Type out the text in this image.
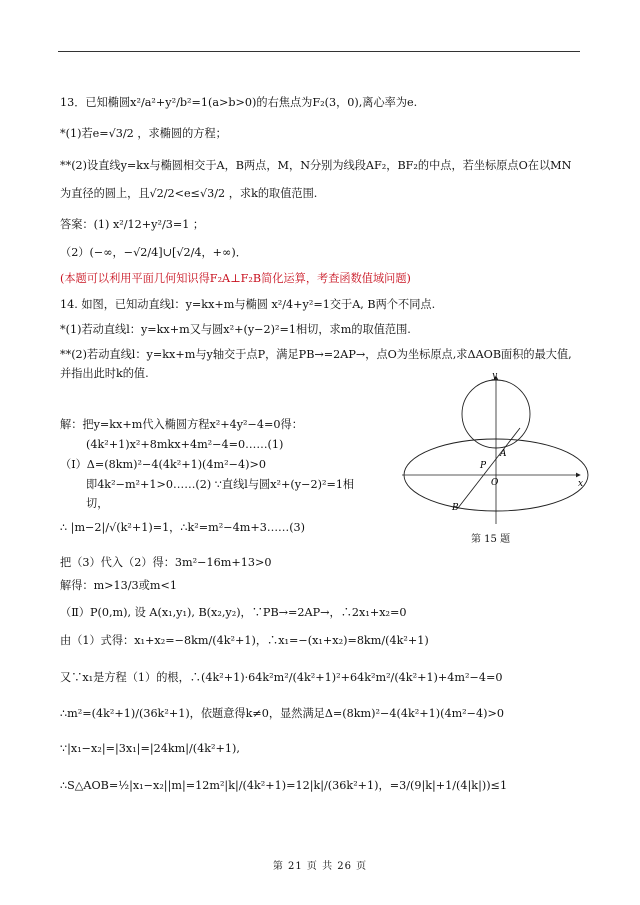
13．已知椭圆x²/a²+y²/b²=1(a>b>0)的右焦点为F₂(3，0),离心率为e.
*(1)若e=√3/2 ，求椭圆的方程；
**(2)设直线y=kx与椭圆相交于A，B两点，M，N分别为线段AF₂，BF₂的中点，若坐标原点O在以MN
为直径的圆上，且√2/2<e≤√3/2 ，求k的取值范围.
答案：(1) x²/12+y²/3=1 ；
（2）(−∞，−√2/4]∪[√2/4，+∞)．
(本题可以利用平面几何知识得F₂A⊥F₂B简化运算，考查函数值域问题)
14. 如图，已知动直线l：y=kx+m与椭圆 x²/4+y²=1交于A, B两个不同点.
*(1)若动直线l：y=kx+m又与圆x²+(y−2)²=1相切，求m的取值范围.
**(2)若动直线l：y=kx+m与y轴交于点P，满足PB→=2AP→，点O为坐标原点,求ΔAOB面积的最大值,
并指出此时k的值.
解：把y=kx+m代入椭圆方程x²+4y²−4=0得：
(4k²+1)x²+8mkx+4m²−4=0……(1)
（Ⅰ）Δ=(8km)²−4(4k²+1)(4m²−4)>0
即4k²−m²+1>0……(2) ∵直线l与圆x²+(y−2)²=1相
切，
∴ |m−2|/√(k²+1)=1，∴k²=m²−4m+3……(3)
把（3）代入（2）得：3m²−16m+13>0
解得：m>13/3或m<1
（Ⅱ）P(0,m), 设 A(x₁,y₁), B(x₂,y₂)，∵PB→=2AP→，∴2x₁+x₂=0
由（1）式得：x₁+x₂=−8km/(4k²+1)，∴x₁=−(x₁+x₂)=8km/(4k²+1)
又∵x₁是方程（1）的根，∴(4k²+1)·64k²m²/(4k²+1)²+64k²m²/(4k²+1)+4m²−4=0
∴m²=(4k²+1)/(36k²+1)，依题意得k≠0，显然满足Δ=(8km)²−4(4k²+1)(4m²−4)>0
∵|x₁−x₂|=|3x₁|=|24km|/(4k²+1),
∴S△AOB=½|x₁−x₂||m|=12m²|k|/(4k²+1)=12|k|/(36k²+1)，=3/(9|k|+1/(4|k|))≤1
y
x
A
P
O
B
第 15 题
第 21 页 共 26 页
